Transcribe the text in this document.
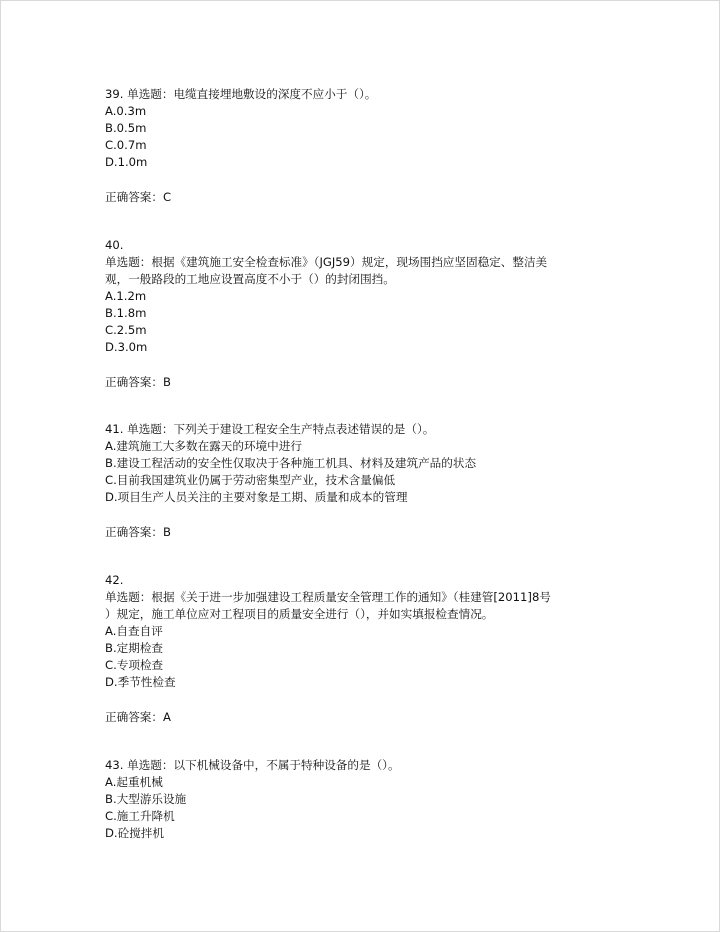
39. 单选题：电缆直接埋地敷设的深度不应小于（）。
A.0.3m
B.0.5m
C.0.7m
D.1.0m
正确答案：C
40.
单选题：根据《建筑施工安全检查标准》（JGJ59）规定，现场围挡应坚固稳定、整洁美
观，一般路段的工地应设置高度不小于（）的封闭围挡。
A.1.2m
B.1.8m
C.2.5m
D.3.0m
正确答案：B
41. 单选题：下列关于建设工程安全生产特点表述错误的是（）。
A.建筑施工大多数在露天的环境中进行
B.建设工程活动的安全性仅取决于各种施工机具、材料及建筑产品的状态
C.目前我国建筑业仍属于劳动密集型产业，技术含量偏低
D.项目生产人员关注的主要对象是工期、质量和成本的管理
正确答案：B
42.
单选题：根据《关于进一步加强建设工程质量安全管理工作的通知》（桂建管[2011]8号
）规定，施工单位应对工程项目的质量安全进行（），并如实填报检查情况。
A.自查自评
B.定期检查
C.专项检查
D.季节性检查
正确答案：A
43. 单选题：以下机械设备中，不属于特种设备的是（）。
A.起重机械
B.大型游乐设施
C.施工升降机
D.砼搅拌机
